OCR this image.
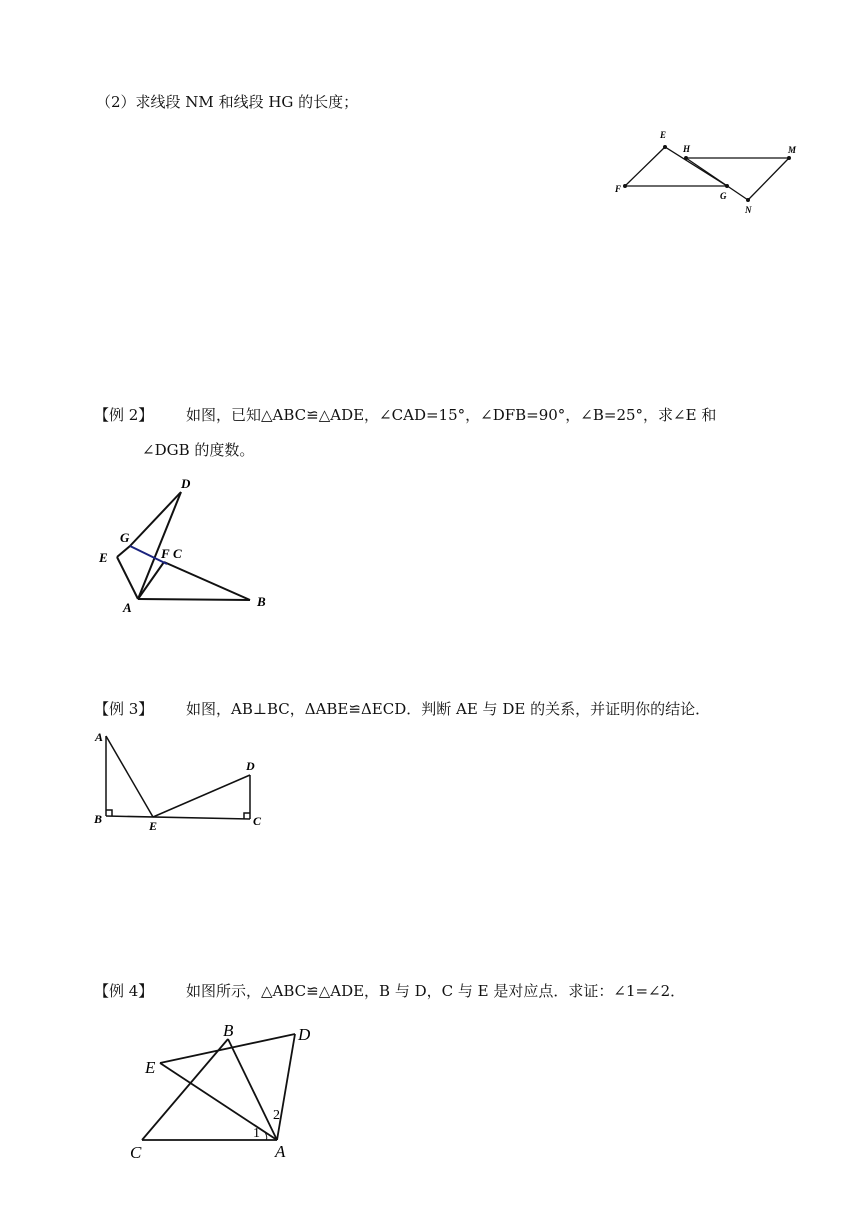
（2）求线段 NM 和线段 HG 的长度；
E
H	M
F
G
N
【例 2】 如图，已知△ABC≌△ADE，∠CAD=15°，∠DFB=90°，∠B=25°，求∠E 和
∠DGB 的度数。
D
G
F C
E
A	B
【例 3】 如图，AB⊥BC，ΔABE≌ΔECD．判断 AE 与 DE 的关系，并证明你的结论．
A
D
B	E	C
【例 4】 如图所示，△ABC≌△ADE，B 与 D，C 与 E 是对应点．求证：∠1=∠2．
B	D
E
C	A
1
2
